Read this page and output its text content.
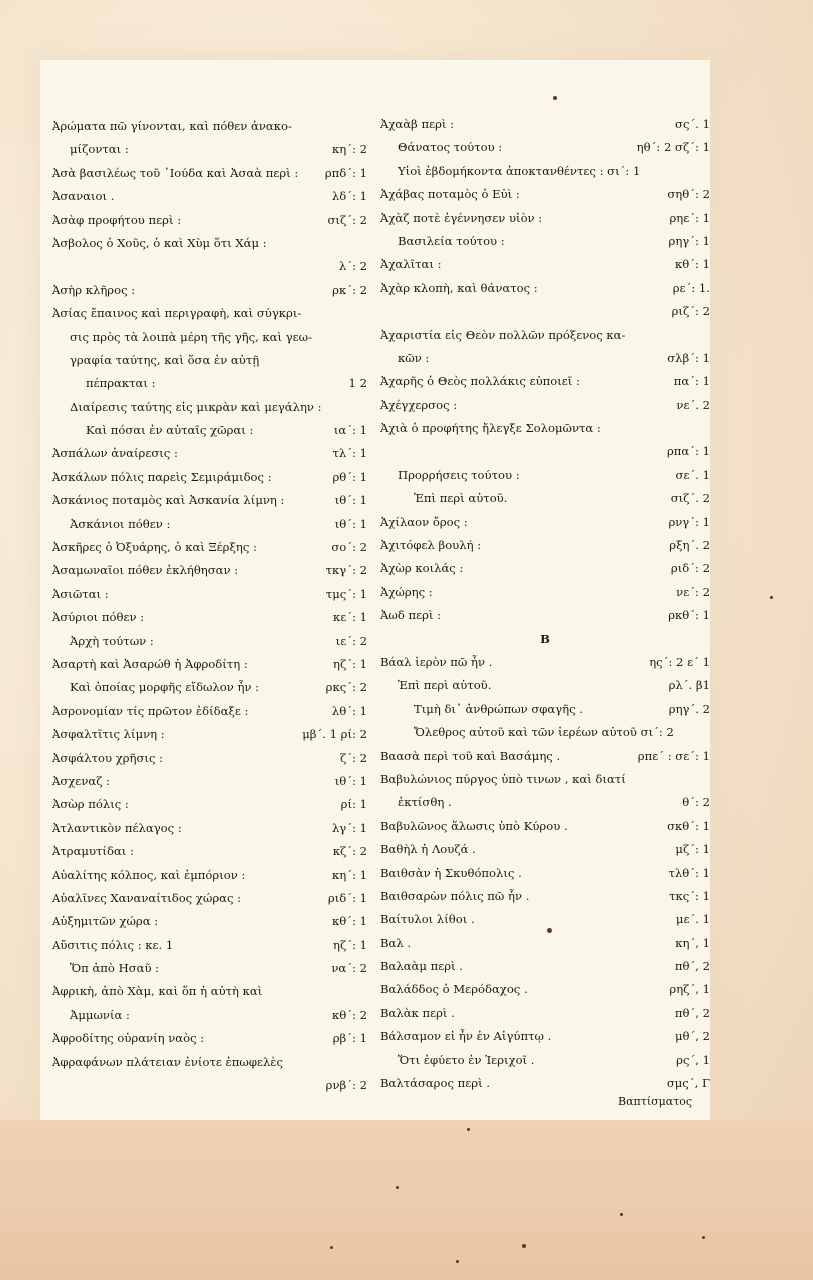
Ἀρώματα πῶ γίνονται, καὶ πόθεν ἀνακο-
μίζονται :	κη΄: 2
Ἀσὰ βασιλέως τοῦ ᾿Ιούδα καὶ Ἀσαὰ περὶ :	ρπδ΄: 1
Ἀσαναιοι .	λδ΄: 1
Ἀσὰφ προφήτου περὶ :	σιζ΄: 2
Ἀσβολος ὁ Χοῦς, ὁ καὶ Χὺμ ὅτι Χάμ :
λ΄: 2
Ἀσὴρ κλῆρος :	ρκ΄: 2
Ἀσίας ἔπαινος καὶ περιγραφὴ, καὶ σύγκρι-
σις πρὸς τὰ λοιπὰ μέρη τῆς γῆς, καὶ γεω-
γραφία ταύτης, καὶ ὅσα ἐν αὐτῇ
πέπρακται :	1 2
Διαίρεσις ταύτης εἰς μικρὰν καὶ μεγάλην :
Καὶ πόσαι ἐν αὐταῖς χῶραι :	ια΄: 1
Ἀσπάλων ἀναίρεσις :	τλ΄: 1
Ἀσκάλων πόλις παρεὶς Σεμιράμιδος :	ρθ΄: 1
Ἀσκάνιος ποταμὸς καὶ Ἀσκανία λίμνη :	ιθ΄: 1
Ἀσκάνιοι πόθεν :	ιθ΄: 1
Ἀσκῆρες ὁ Ὀξυάρης, ὁ καὶ Ξέρξης :	σο΄: 2
Ἀσαμωναῖοι πόθεν ἐκλήθησαν :	τκγ΄: 2
Ἀσιῶται :	τμς΄: 1
Ἀσύριοι πόθεν :	κε΄: 1
Ἀρχὴ τούτων :	ιε΄: 2
Ἀσαρτὴ καὶ Ἀσαρώθ ἡ Ἀφροδίτη :	ηζ΄: 1
Καὶ ὁποίας μορφῆς εἴδωλον ἦν :	ρκς΄: 2
Ἀσρονομίαν τίς πρῶτον ἐδίδαξε :	λθ΄: 1
Ἀσφαλτῖτις λίμνη :	μβ΄. 1 ρί: 2
Ἀσφάλτου χρῆσις :	ζ΄: 2
Ἀσχεναζ :	ιθ΄: 1
Ἀσὼρ πόλις :	ρί: 1
Ἀτλαντικὸν πέλαγος :	λγ΄: 1
Ἀτραμυτίδαι :	κζ΄: 2
Αὐαλίτης κόλπος, καὶ ἐμπόριον :	κη΄: 1
Αὐαλῖνες Χαναναίτιδος χώρας :	ριδ΄: 1
Αὐξημιτῶν χώρα :	κθ΄: 1
Αὔσιτις πόλις : κε. 1	ηζ΄: 1
Ὅπ ἀπὸ Ησαῦ :	να΄: 2
Ἀφρικὴ, ἀπὸ Χὰμ, καὶ ὅπ ἡ αὐτὴ καὶ
Ἀμμωνία :	κθ΄: 2
Ἀφροδίτης οὐρανίη ναὸς :	ρβ΄: 1
Ἀφραφάνων πλάτειαν ἐνίοτε ἐπωφελὲς
ρνβ΄: 2
Ἀχαὰβ περὶ :	σς΄. 1
Θάνατος τούτου :	ηθ΄: 2 σζ΄: 1
Υἱοὶ ἑβδομήκοντα ἀποκτανθέντες : σι΄: 1
Ἀχάβας ποταμὸς ὁ Εὐὶ :	σηθ΄: 2
Ἀχὰζ ποτὲ ἐγέννησεν υἱὸν :	ρηε΄: 1
Βασιλεία τούτου :	ρηγ΄: 1
Ἀχαλῖται :	κθ΄: 1
Ἀχὰρ κλοπὴ, καὶ θάνατος :	ρε΄: 1.
ριζ΄: 2
Ἀχαριστία εἰς Θεὸν πολλῶν πρόξενος κα-
κῶν :	σλβ΄: 1
Ἀχαρῆς ὁ Θεὸς πολλάκις εὐποιεῖ :	πα΄: 1
Ἀχέγχερσος :	νε΄. 2
Ἀχιὰ ὁ προφήτης ἤλεγξε Σολομῶντα :
ρπα΄: 1
Προρρήσεις τούτου :	σε΄. 1
Ἐπὶ περὶ αὐτοῦ.	σιζ΄. 2
Ἀχίλαον ὄρος :	ρνγ΄: 1
Ἀχιτόφελ βουλή :	ρξη΄. 2
Ἀχὼρ κοιλάς :	ριδ΄: 2
Ἀχώρης :	νε΄: 2
Ἀωδ περὶ :	ρκθ΄: 1
B
Βάαλ ἱερὸν πῶ ἦν .	ης΄: 2 ε΄ 1
Ἐπὶ περὶ αὐτοῦ.	ρλ΄. β1
Τιμὴ δι᾽ ἀνθρώπων σφαγῆς .	ρηγ΄. 2
Ὄλεθρος αὐτοῦ καὶ τῶν ἱερέων αὐτοῦ σι΄: 2
Βαασὰ περὶ τοῦ καὶ Βασάμης .	ρπε΄ : σε΄: 1
Βαβυλώνιος πύργος ὑπὸ τινων , καὶ διατί
ἐκτίσθη .	θ΄: 2
Βαβυλῶνος ἅλωσις ὑπὸ Κύρου .	σκθ΄: 1
Βαθὴλ ἡ Λουζά .	μζ΄: 1
Βαιθσὰν ἡ Σκυθόπολις .	τλθ΄: 1
Βαιθσαρὼν πόλις πῶ ἦν .	τκς΄: 1
Βαίτυλοι λίθοι .	με΄. 1
Βαλ .	κη΄, 1
Βαλαὰμ περὶ .	πθ΄, 2
Βαλάδδος ὁ Μερόδαχος .	ρηζ΄, 1
Βαλὰκ περὶ .	πθ΄, 2
Βάλσαμον εἰ ἦν ἐν Αἰγύπτῳ .	μθ΄, 2
Ὅτι ἐφύετο ἐν Ἱεριχοῖ .	ρς΄, 1
Βαλτάσαρος περὶ .	σμς΄, Γ
Βαπτίσματος
